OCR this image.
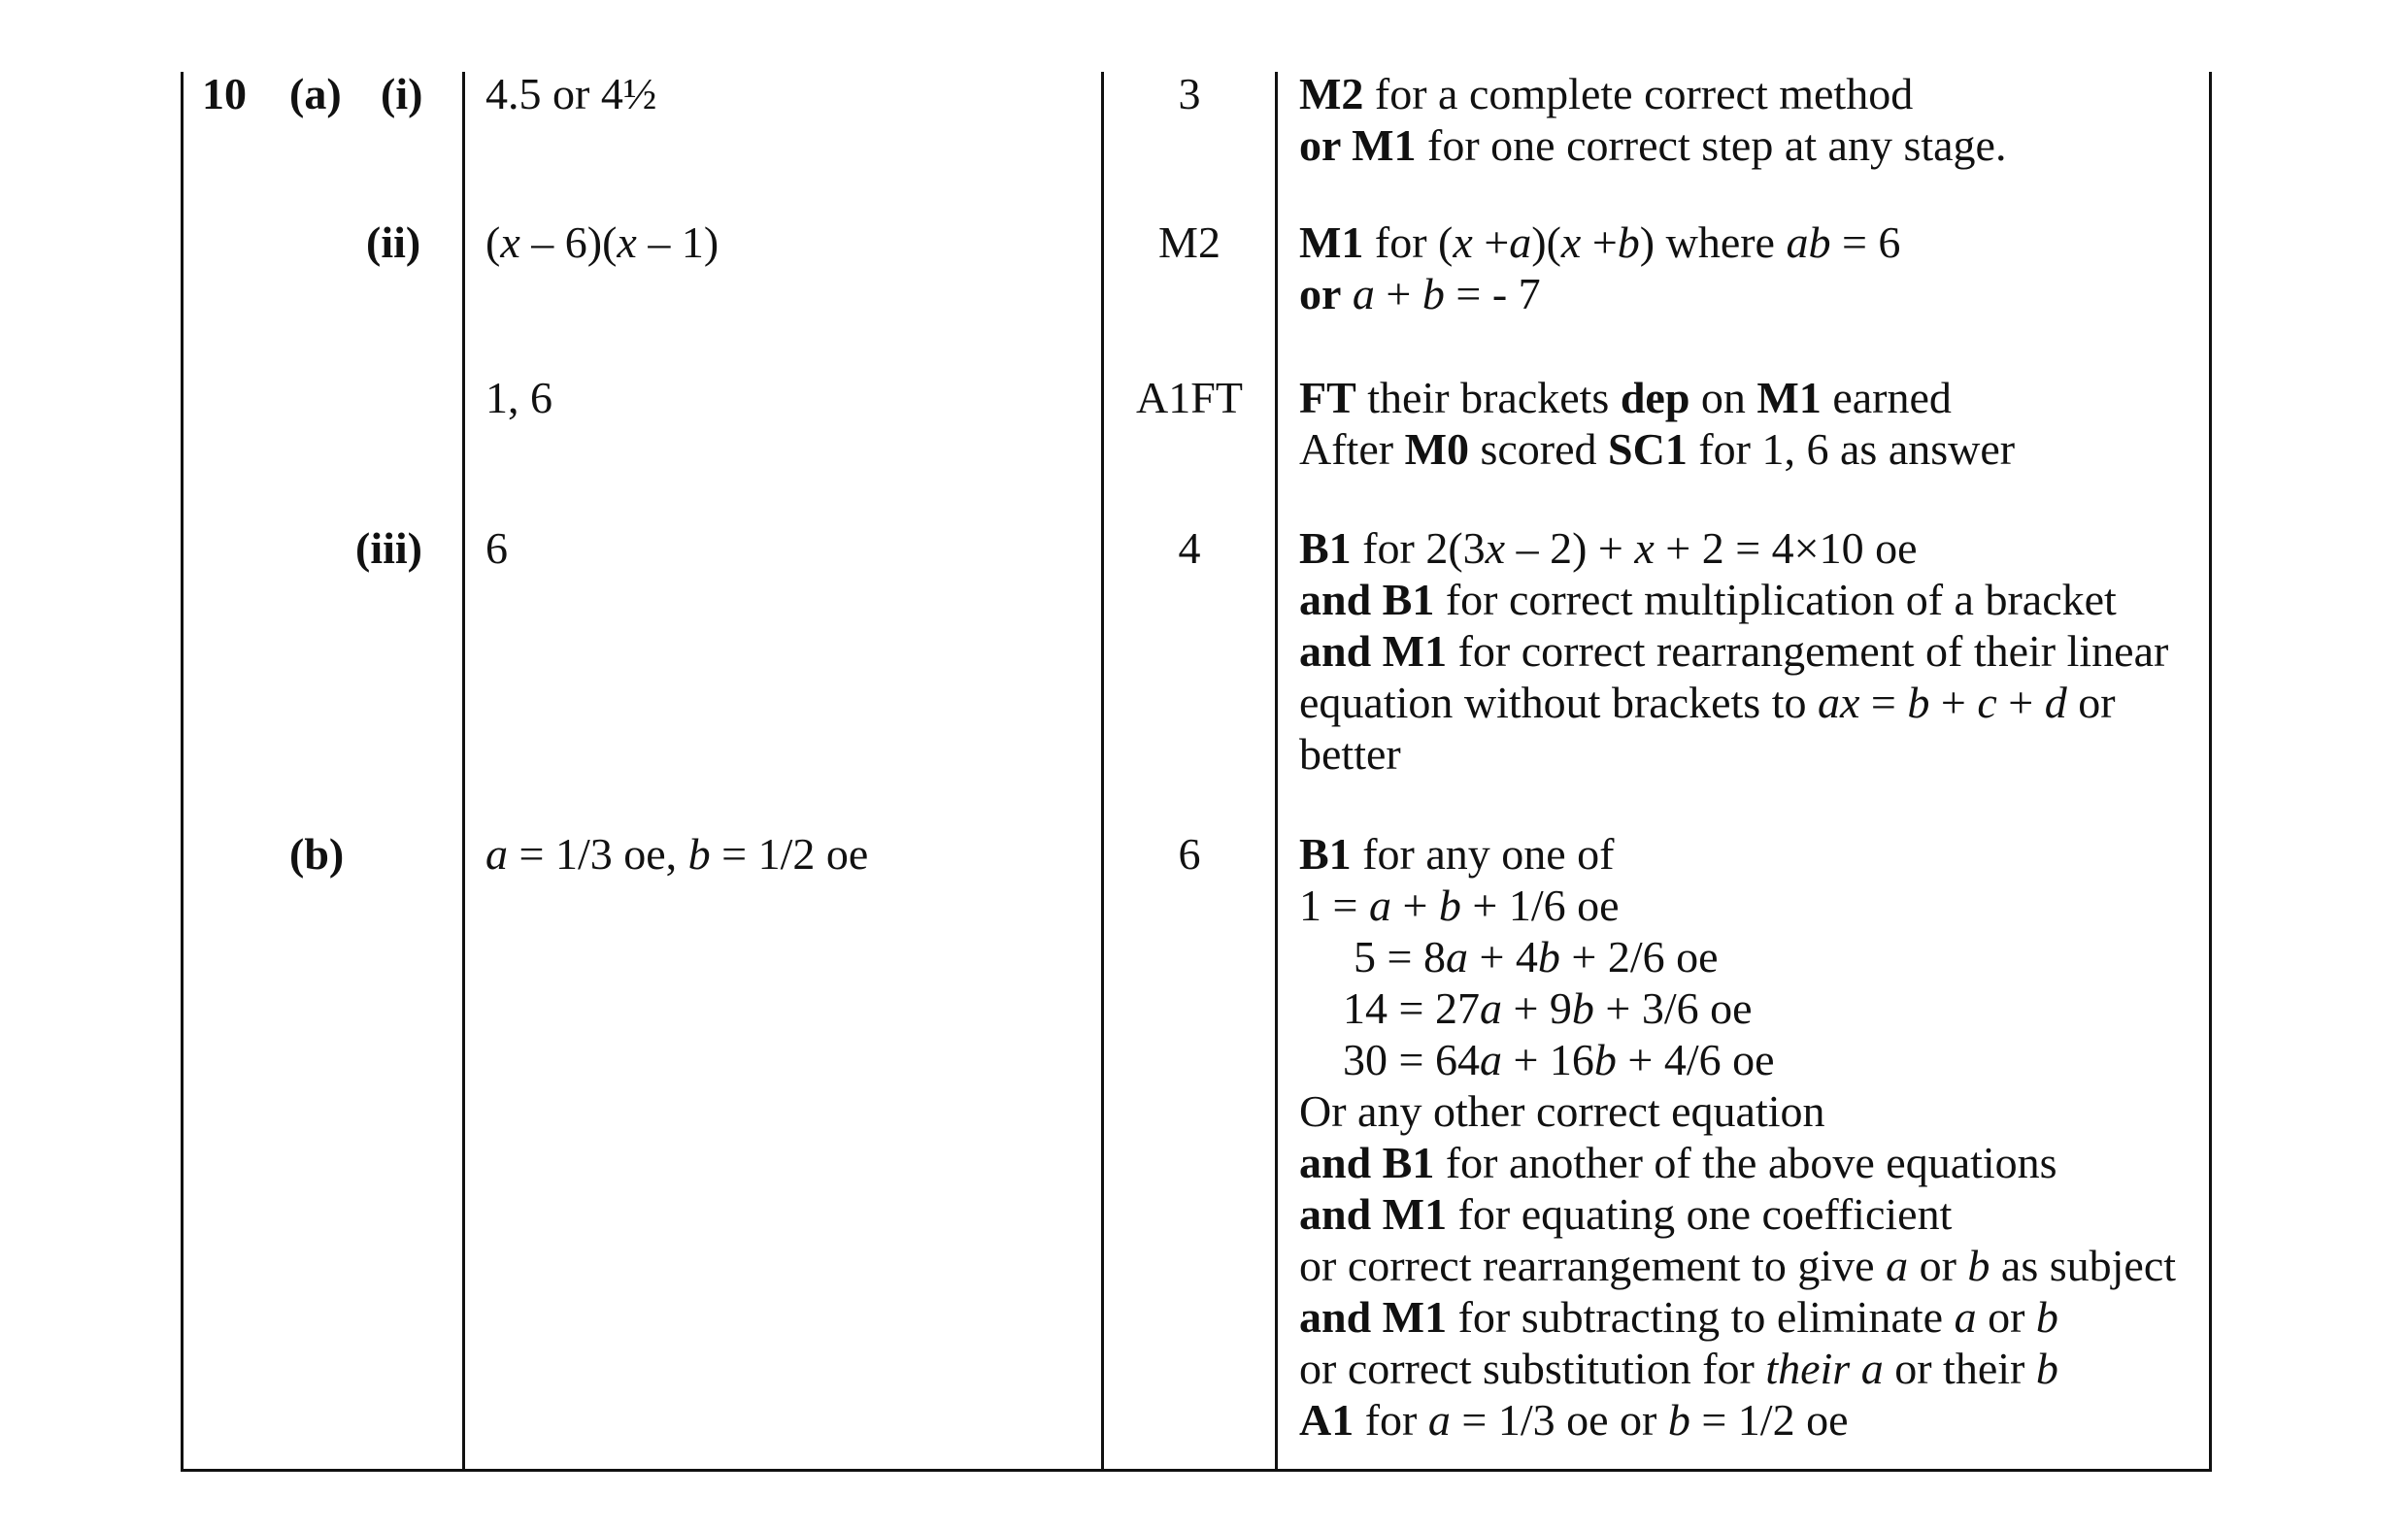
10 (a) (i)
(ii)
(iii)
(b)
4.5 or 4½
(x – 6)(x – 1)
1, 6
6
a = 1/3 oe, b = 1/2 oe
3
M2
A1FT
4
6
M2 for a complete correct method
or M1 for one correct step at any stage.
M1 for (x +a)(x +b) where ab = 6
or a + b = - 7
FT their brackets dep on M1 earned
After M0 scored SC1 for 1, 6 as answer
B1 for 2(3x – 2) + x + 2 = 4×10 oe
and B1 for correct multiplication of a bracket
and M1 for correct rearrangement of their linear
equation without brackets to ax = b + c + d or
better
B1 for any one of
1 = a + b + 1/6 oe
5 = 8a + 4b + 2/6 oe
14 = 27a + 9b + 3/6 oe
30 = 64a + 16b + 4/6 oe
Or any other correct equation
and B1 for another of the above equations
and M1 for equating one coefficient
or correct rearrangement to give a or b as subject
and M1 for subtracting to eliminate a or b
or correct substitution for their a or their b
A1 for a = 1/3 oe or b = 1/2 oe
